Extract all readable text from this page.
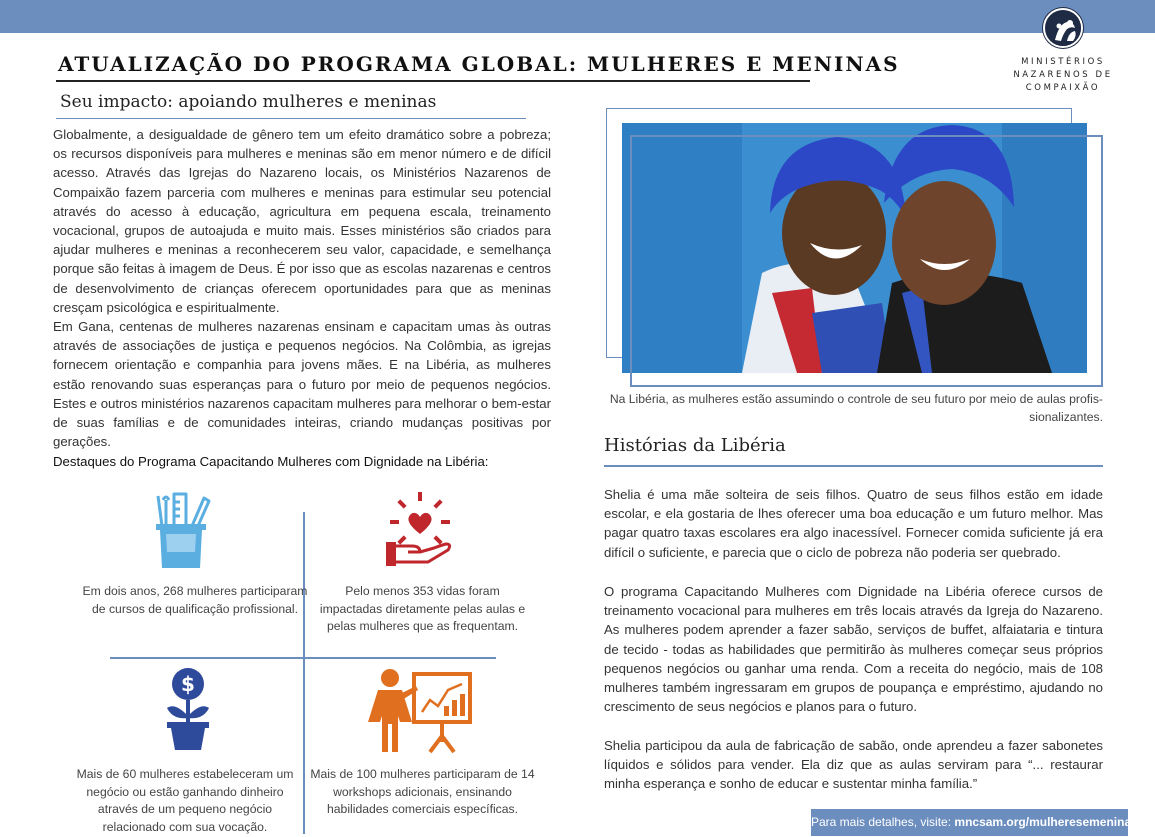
MINISTÉRIOS
NAZARENOS DE
COMPAIXÃO
ATUALIZAÇÃO DO PROGRAMA GLOBAL: MULHERES E MENINAS
Seu impacto: apoiando mulheres e meninas
Globalmente, a desigualdade de gênero tem um efeito dramático sobre a pobreza; os recursos disponíveis para mulheres e meninas são em menor número e de difícil acesso. Através das Igrejas do Nazareno locais, os Ministérios Nazarenos de Compaixão fazem parceria com mulheres e meninas para estimular seu potencial através do acesso à educação, agricultura em pequena escala, treinamento vocacional, grupos de autoajuda e muito mais. Esses ministérios são criados para ajudar mulheres e meninas a reconhecerem seu valor, capacidade, e semelhança porque são feitas à imagem de Deus. É por isso que as escolas nazarenas e centros de desenvolvimento de crianças oferecem oportunidades para que as meninas cresçam psicológica e espiritualmente.
Em Gana, centenas de mulheres nazarenas ensinam e capacitam umas às outras através de associações de justiça e pequenos negócios. Na Colômbia, as igrejas fornecem orientação e companhia para jovens mães. E na Libéria, as mulheres estão renovando suas esperanças para o futuro por meio de pequenos negócios. Estes e outros ministérios nazarenos capacitam mulheres para melhorar o bem-estar de suas famílias e de comunidades inteiras, criando mudanças positivas por gerações.
Destaques do Programa Capacitando Mulheres com Dignidade na Libéria:
$
Em dois anos, 268 mulheres participaram de cursos de qualificação profissional.
Pelo menos 353 vidas foram impactadas diretamente pelas aulas e pelas mulheres que as frequentam.
Mais de 60 mulheres estabeleceram um negócio ou estão ganhando dinheiro através de um pequeno negócio relacionado com sua vocação.
Mais de 100 mulheres participaram de 14 workshops adicionais, ensinando habilidades comerciais específicas.
Na Libéria, as mulheres estão assumindo o controle de seu futuro por meio de aulas profis-sionalizantes.
Histórias da Libéria
Shelia é uma mãe solteira de seis filhos. Quatro de seus filhos estão em idade escolar, e ela gostaria de lhes oferecer uma boa educação e um futuro melhor. Mas pagar quatro taxas escolares era algo inacessível. Fornecer comida suficiente já era difícil o suficiente, e parecia que o ciclo de pobreza não poderia ser quebrado.
O programa Capacitando Mulheres com Dignidade na Libéria oferece cursos de treinamento vocacional para mulheres em três locais através da Igreja do Nazareno. As mulheres podem aprender a fazer sabão, serviços de buffet, alfaiataria e tintura de tecido - todas as habilidades que permitirão às mulheres começar seus próprios pequenos negócios ou ganhar uma renda. Com a receita do negócio, mais de 108 mulheres também ingressaram em grupos de poupança e empréstimo, ajudando no crescimento de seus negócios e planos para o futuro.
Shelia participou da aula de fabricação de sabão, onde aprendeu a fazer sabonetes líquidos e sólidos para vender. Ela diz que as aulas serviram para “... restaurar minha esperança e sonho de educar e sustentar minha família.”
Para mais detalhes, visite: mncsam.org/mulheresemeninas
